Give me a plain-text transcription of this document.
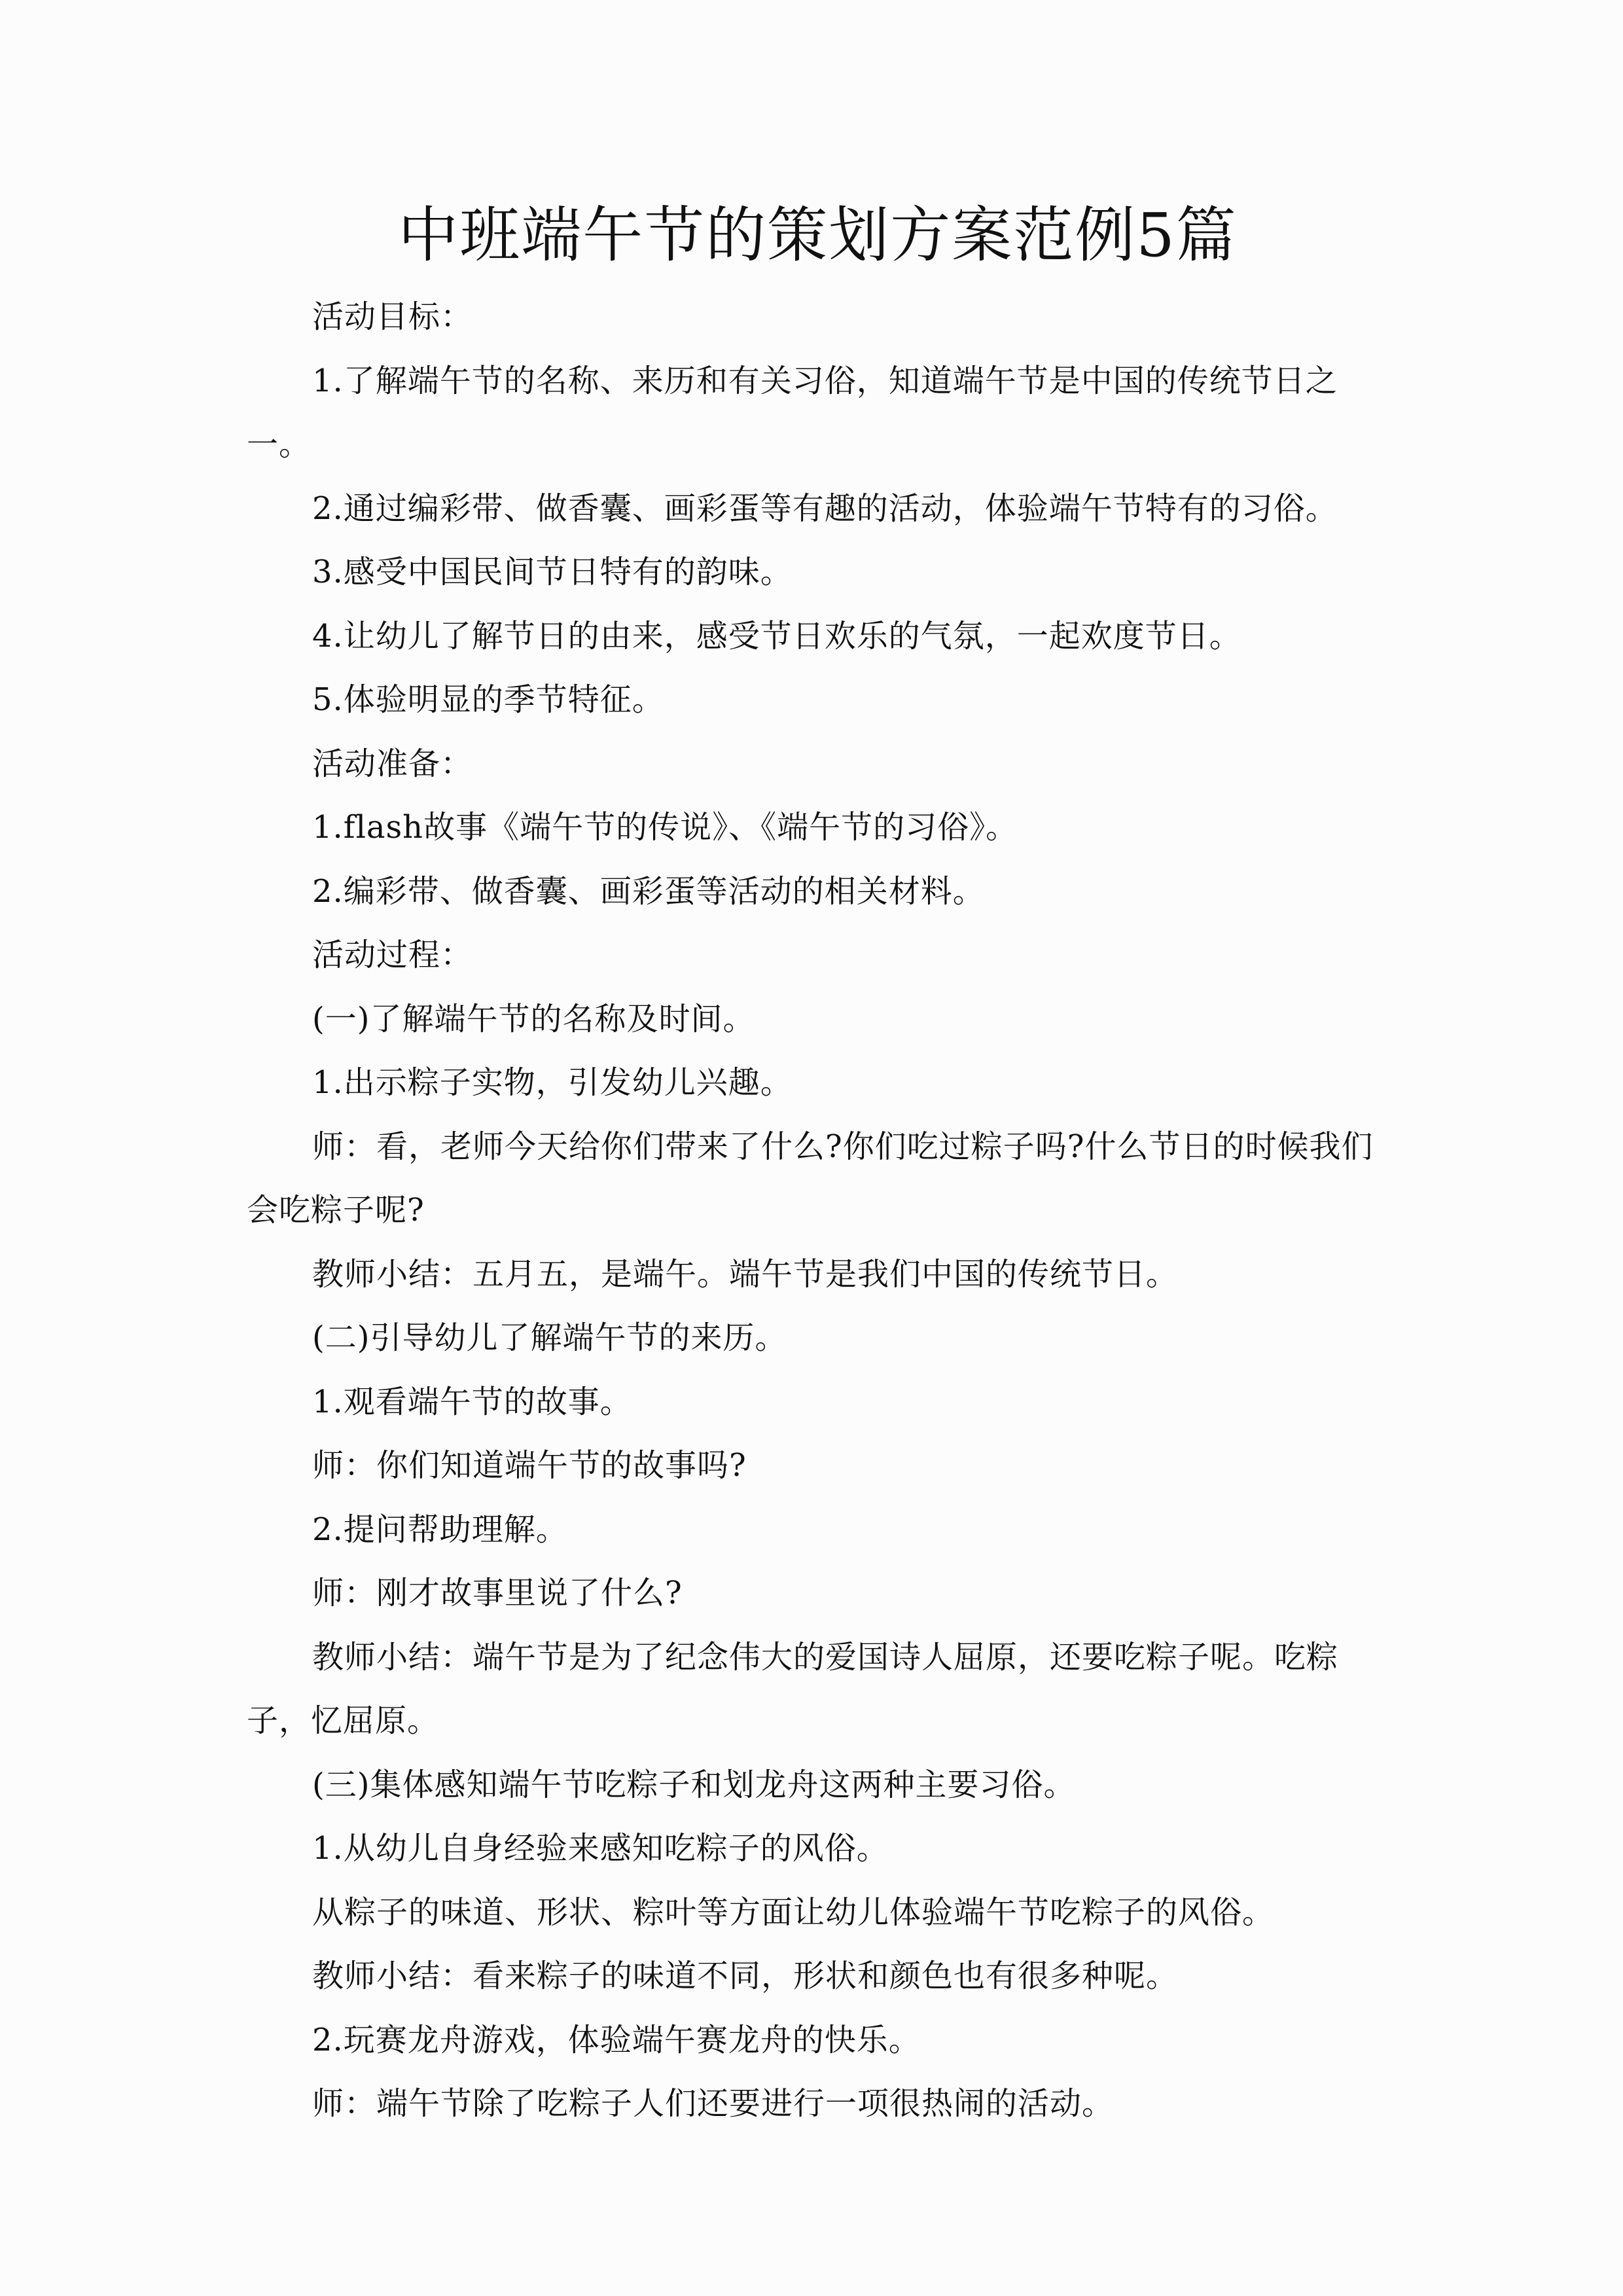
中班端午节的策划方案范例5篇

活动目标：

1.了解端午节的名称、来历和有关习俗，知道端午节是中国的传统节日之一。

2.通过编彩带、做香囊、画彩蛋等有趣的活动，体验端午节特有的习俗。

3.感受中国民间节日特有的韵味。

4.让幼儿了解节日的由来，感受节日欢乐的气氛，一起欢度节日。

5.体验明显的季节特征。

活动准备：

1.flash故事《端午节的传说》、《端午节的习俗》。

2.编彩带、做香囊、画彩蛋等活动的相关材料。

活动过程：

(一)了解端午节的名称及时间。

1.出示粽子实物，引发幼儿兴趣。

师：看，老师今天给你们带来了什么?你们吃过粽子吗?什么节日的时候我们会吃粽子呢?

教师小结：五月五，是端午。端午节是我们中国的传统节日。

(二)引导幼儿了解端午节的来历。

1.观看端午节的故事。

师：你们知道端午节的故事吗?

2.提问帮助理解。

师：刚才故事里说了什么?

教师小结：端午节是为了纪念伟大的爱国诗人屈原，还要吃粽子呢。吃粽子，忆屈原。

(三)集体感知端午节吃粽子和划龙舟这两种主要习俗。

1.从幼儿自身经验来感知吃粽子的风俗。

从粽子的味道、形状、粽叶等方面让幼儿体验端午节吃粽子的风俗。

教师小结：看来粽子的味道不同，形状和颜色也有很多种呢。

2.玩赛龙舟游戏，体验端午赛龙舟的快乐。

师：端午节除了吃粽子人们还要进行一项很热闹的活动。
